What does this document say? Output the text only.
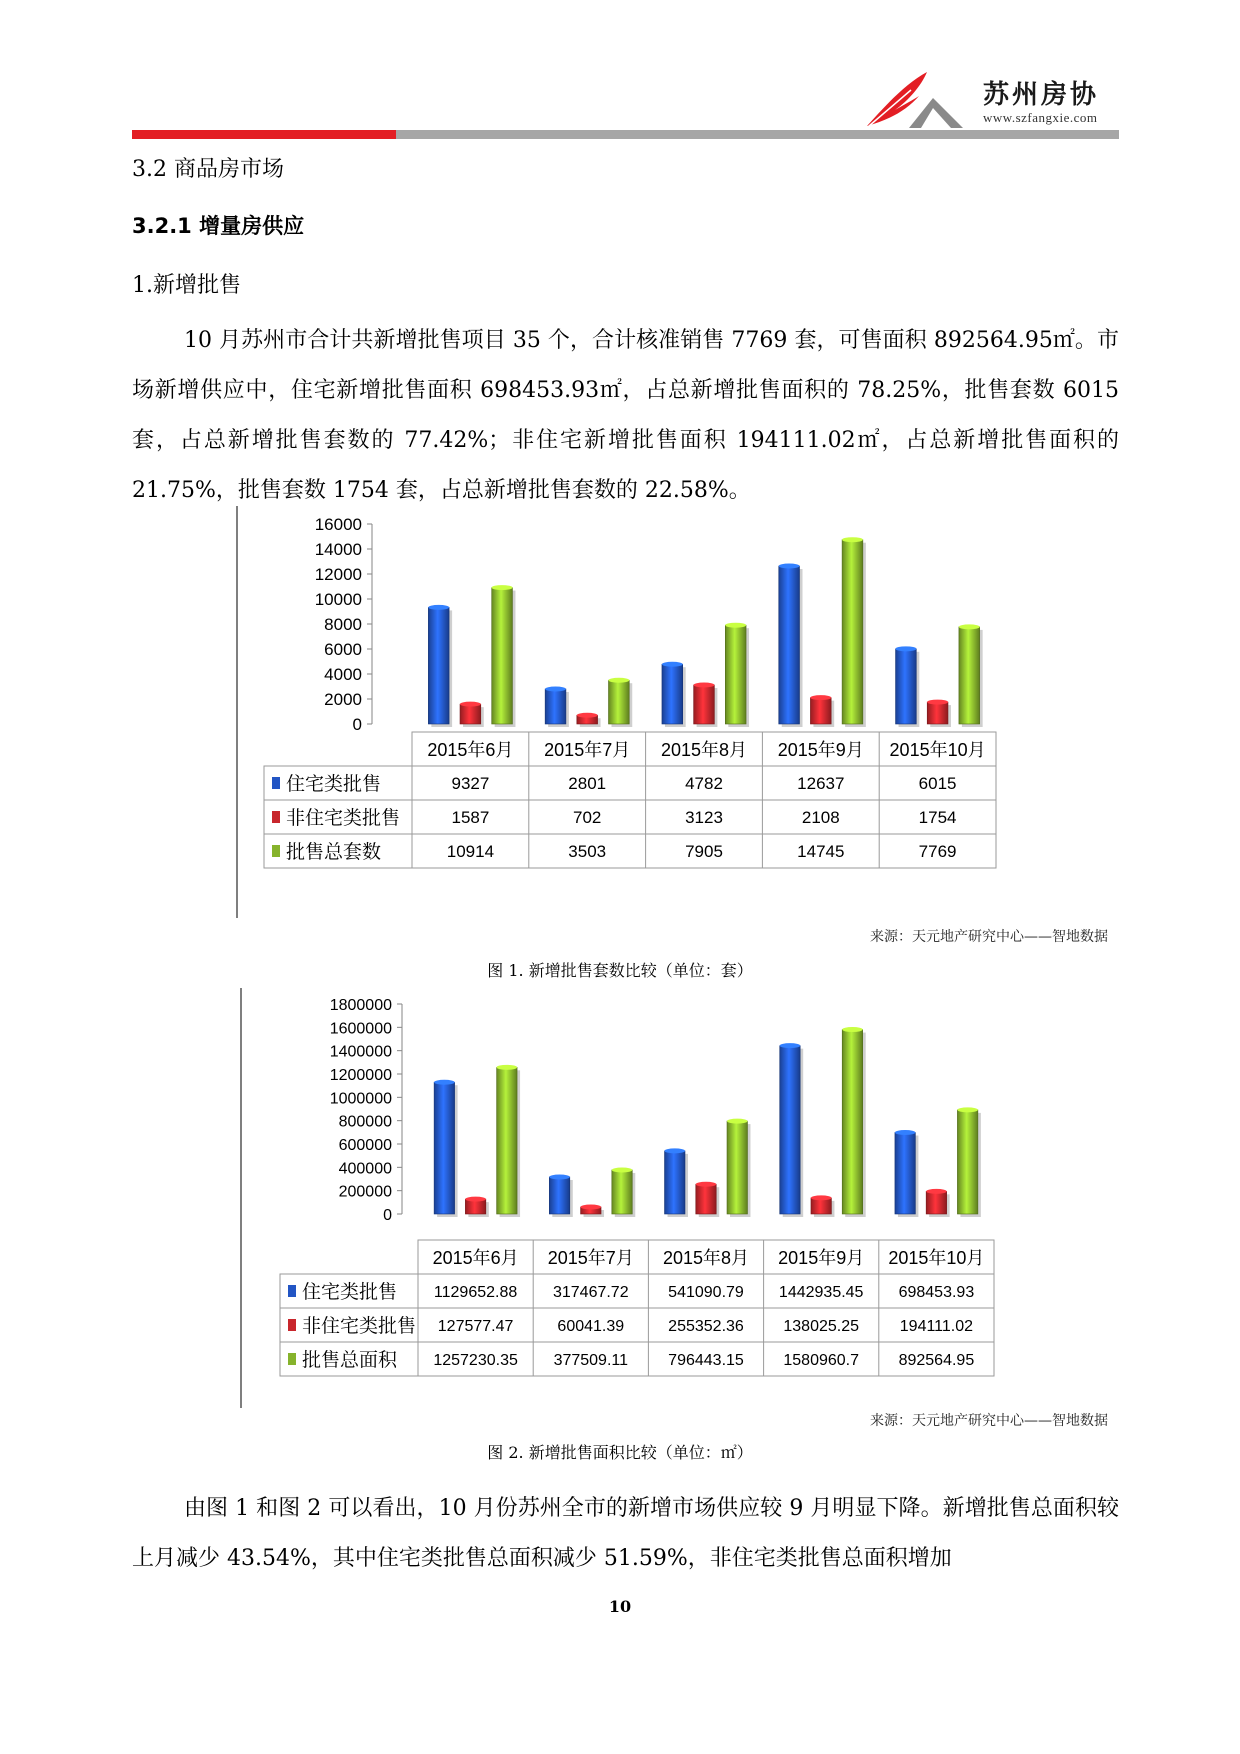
苏州房协
www.szfangxie.com
3.2 商品房市场
3.2.1 增量房供应
1.新增批售
10 月苏州市合计共新增批售项目 35 个，合计核准销售 7769 套，可售面积 892564.95㎡。市场新增供应中，住宅新增批售面积 698453.93㎡，占总新增批售面积的 78.25%，批售套数 6015 套，占总新增批售套数的 77.42%；非住宅新增批售面积 194111.02㎡，占总新增批售面积的 21.75%，批售套数 1754 套，占总新增批售套数的 22.58%。
16000
14000
12000
10000
8000
6000
4000
2000
0
2015年6月 2015年7月 2015年8月 2015年9月 2015年10月
住宅类批售	9327	2801	4782	12637	6015
非住宅类批售	1587	702	3123	2108	1754
批售总套数	10914	3503	7905	14745	7769
来源：天元地产研究中心——智地数据
图 1. 新增批售套数比较（单位：套）
1800000
1600000
1400000
1200000
1000000
800000
600000
400000
200000
0
2015年6月 2015年7月 2015年8月 2015年9月 2015年10月
住宅类批售 1129652.88 317467.72 541090.79 1442935.45 698453.93
非住宅类批售 127577.47	60041.39	255352.36 138025.25	194111.02
批售总面积 1257230.35 377509.11	796443.15 1580960.7 892564.95
来源：天元地产研究中心——智地数据
图 2. 新增批售面积比较（单位：㎡）
由图 1 和图 2 可以看出，10 月份苏州全市的新增市场供应较 9 月明显下降。新增批售总面积较上月减少 43.54%，其中住宅类批售总面积减少 51.59%，非住宅类批售总面积增加
10
